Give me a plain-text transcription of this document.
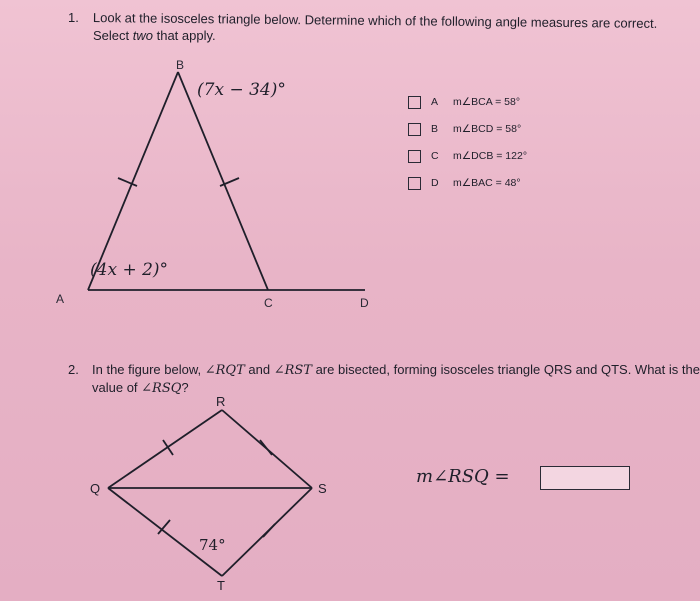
1. Look at the isosceles triangle below. Determine which of the following angle measures are correct.
Select two that apply.
B
A	C	D
(7x − 34)°
(4x + 2)°
A	m∠BCA = 58°
B	m∠BCD = 58°
C	m∠DCB = 122°
D	m∠BAC = 48°
2. In the figure below, ∠RQT and ∠RST are bisected, forming isosceles triangle QRS and QTS. What is the
value of ∠RSQ?
R
Q	S
T
74°
m∠RSQ =
